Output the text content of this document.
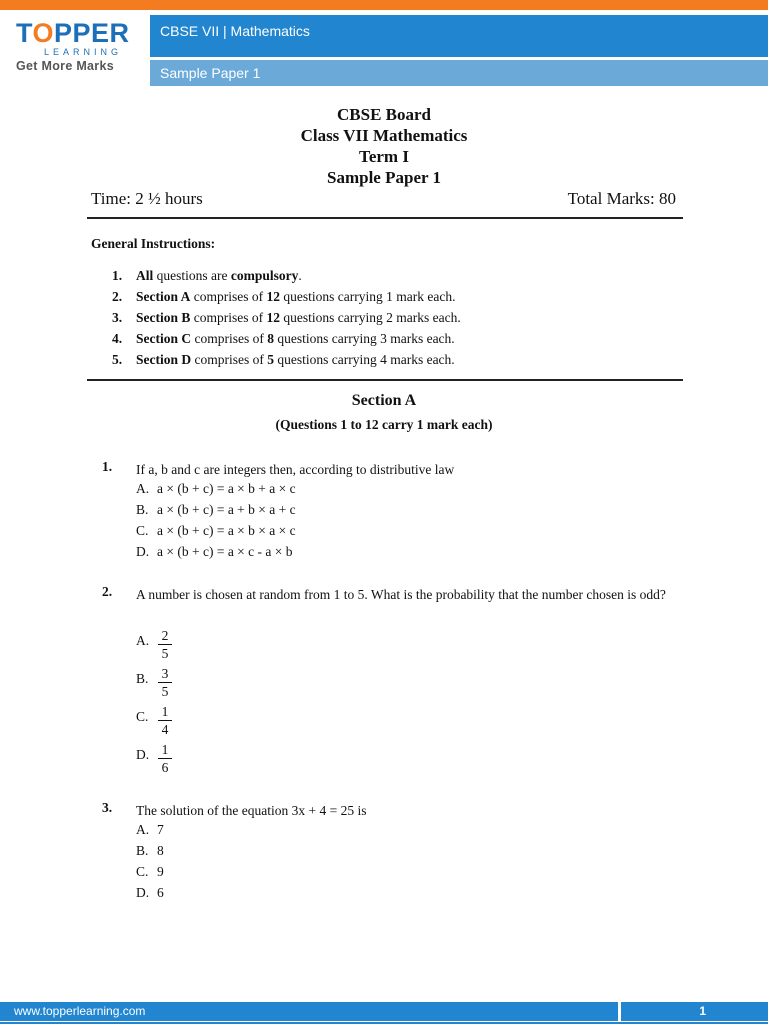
TOPPER
LEARNING
Get More Marks
CBSE VII | Mathematics
Sample Paper 1
CBSE Board
Class VII Mathematics
Term I
Sample Paper 1
Time: 2 ½ hours	Total Marks: 80
General Instructions:
1.	All questions are compulsory.
2.	Section A comprises of 12 questions carrying 1 mark each.
3.	Section B comprises of 12 questions carrying 2 marks each.
4.	Section C comprises of 8 questions carrying 3 marks each.
5.	Section D comprises of 5 questions carrying 4 marks each.
Section A
(Questions 1 to 12 carry 1 mark each)
1. If a, b and c are integers then, according to distributive law
A. a × (b + c) = a × b + a × c
B. a × (b + c) = a + b × a + c
C. a × (b + c) = a × b × a × c
D. a × (b + c) = a × c - a × b
2. A number is chosen at random from 1 to 5. What is the probability that the number chosen is odd?
A. 2
5
B. 3
5
C. 1
4
D. 1
6
3. The solution of the equation 3x + 4 = 25 is
A. 7
B. 8
C. 9
D. 6
www.topperlearning.com	1
